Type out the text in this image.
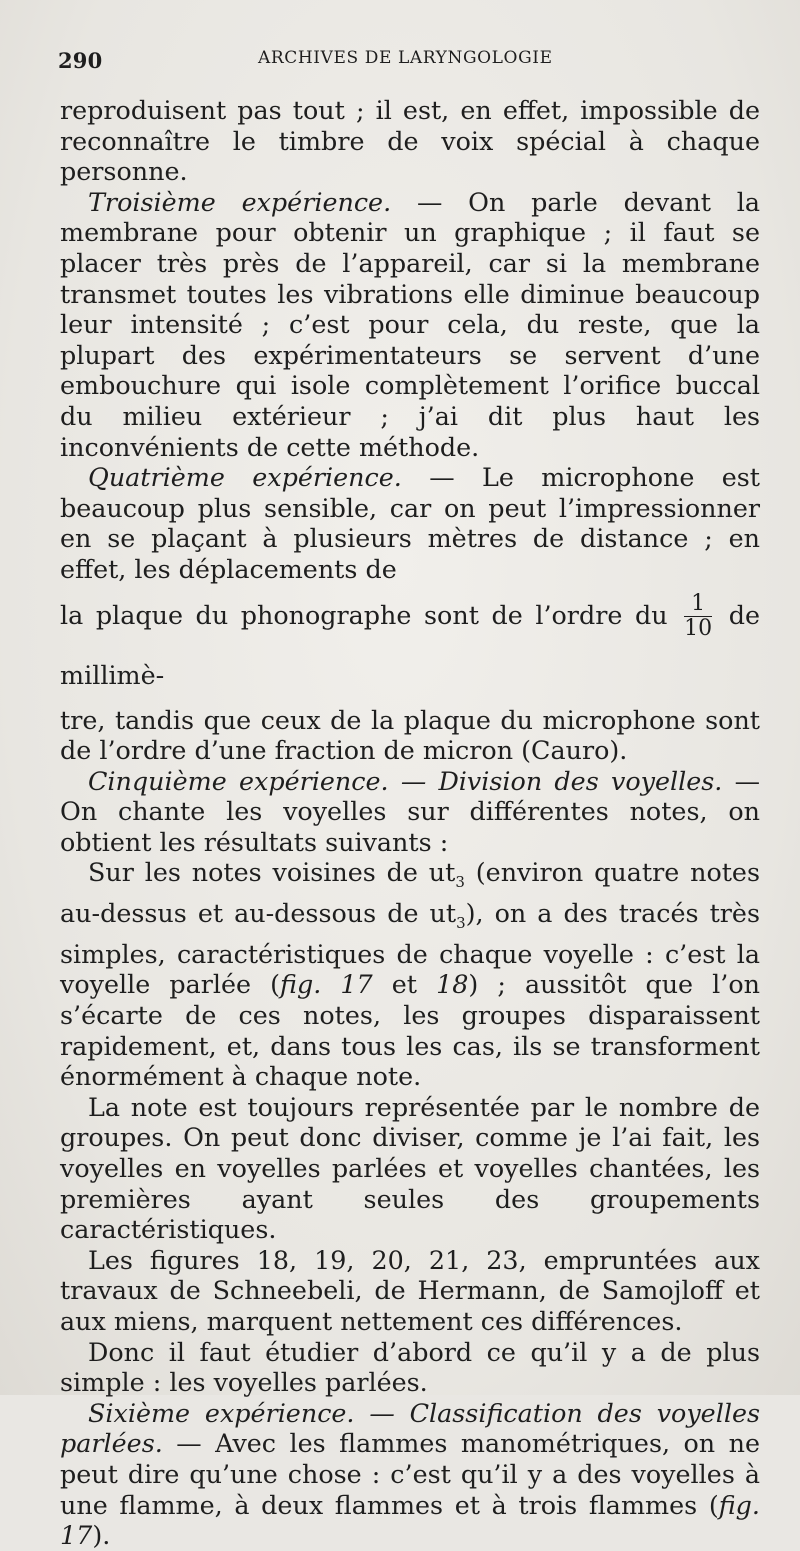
290	ARCHIVES DE LARYNGOLOGIE

reproduisent pas tout ; il est, en effet, impossible de reconnaître le timbre de voix spécial à chaque personne.

Troisième expérience. — On parle devant la membrane pour obtenir un graphique ; il faut se placer très près de l’appareil, car si la membrane transmet toutes les vibrations elle diminue beaucoup leur intensité ; c’est pour cela, du reste, que la plupart des expérimentateurs se servent d’une embouchure qui isole complètement l’orifice buccal du milieu extérieur ; j’ai dit plus haut les inconvénients de cette méthode.

Quatrième expérience. — Le microphone est beaucoup plus sensible, car on peut l’impressionner en se plaçant à plusieurs mètres de distance ; en effet, les déplacements de

la plaque du phonographe sont de l’ordre du $\frac{1}{10}$ de millimè-

tre, tandis que ceux de la plaque du microphone sont de l’ordre d’une fraction de micron (Cauro).

Cinquième expérience. — Division des voyelles. — On chante les voyelles sur différentes notes, on obtient les résultats suivants :

Sur les notes voisines de $ut_3$ (environ quatre notes au-dessus et au-dessous de $ut_3$), on a des tracés très simples, caractéristiques de chaque voyelle : c’est la voyelle parlée (fig. 17 et 18) ; aussitôt que l’on s’écarte de ces notes, les groupes disparaissent rapidement, et, dans tous les cas, ils se transforment énormément à chaque note.

La note est toujours représentée par le nombre de groupes. On peut donc diviser, comme je l’ai fait, les voyelles en voyelles parlées et voyelles chantées, les premières ayant seules des groupements caractéristiques.

Les figures 18, 19, 20, 21, 23, empruntées aux travaux de Schneebeli, de Hermann, de Samojloff et aux miens, marquent nettement ces différences.

Donc il faut étudier d’abord ce qu’il y a de plus simple : les voyelles parlées.

Sixième expérience. — Classification des voyelles parlées. — Avec les flammes manométriques, on ne peut dire qu’une chose : c’est qu’il y a des voyelles à une flamme, à deux flammes et à trois flammes (fig. 17).
